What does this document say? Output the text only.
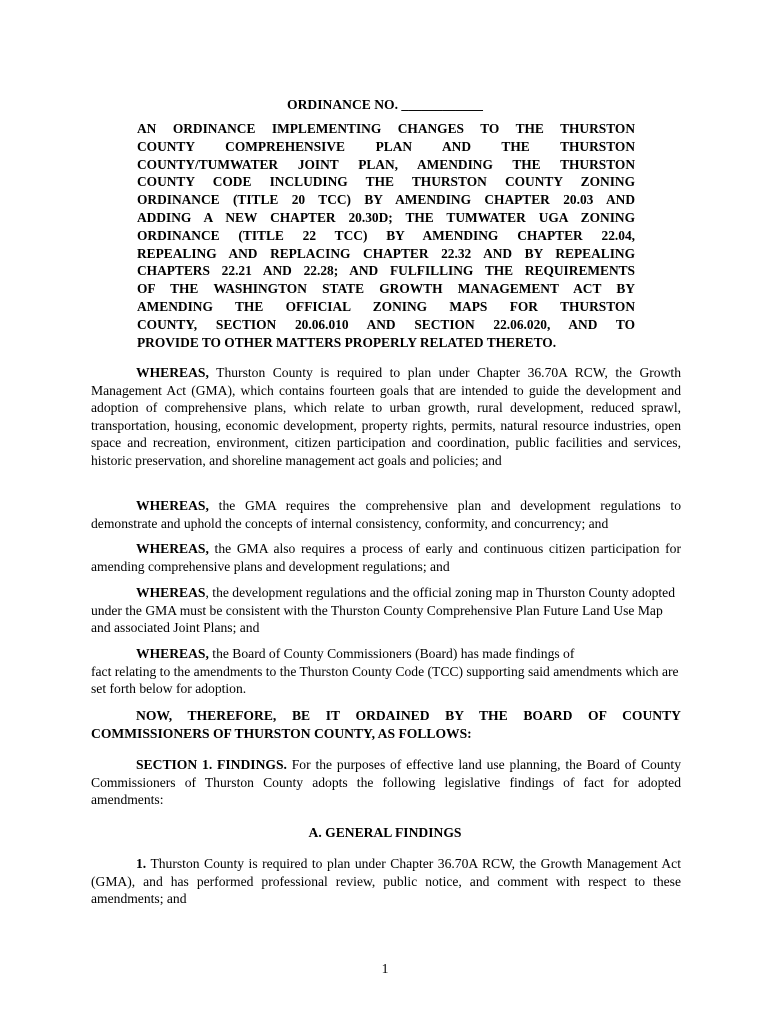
ORDINANCE NO. ____________
AN ORDINANCE IMPLEMENTING CHANGES TO THE THURSTON
COUNTY COMPREHENSIVE PLAN AND THE THURSTON
COUNTY/TUMWATER JOINT PLAN, AMENDING THE THURSTON
COUNTY CODE INCLUDING THE THURSTON COUNTY ZONING
ORDINANCE (TITLE 20 TCC) BY AMENDING CHAPTER 20.03 AND
ADDING A NEW CHAPTER 20.30D; THE TUMWATER UGA ZONING
ORDINANCE (TITLE 22 TCC) BY AMENDING CHAPTER 22.04,
REPEALING AND REPLACING CHAPTER 22.32 AND BY REPEALING
CHAPTERS 22.21 AND 22.28; AND FULFILLING THE REQUIREMENTS
OF THE WASHINGTON STATE GROWTH MANAGEMENT ACT BY
AMENDING THE OFFICIAL ZONING MAPS FOR THURSTON
COUNTY, SECTION 20.06.010 AND SECTION 22.06.020, AND TO
PROVIDE TO OTHER MATTERS PROPERLY RELATED THERETO.

WHEREAS, Thurston County is required to plan under Chapter 36.70A RCW, the Growth Management Act (GMA), which contains fourteen goals that are intended to guide the development and adoption of comprehensive plans, which relate to urban growth, rural development, reduced sprawl, transportation, housing, economic development, property rights, permits, natural resource industries, open space and recreation, environment, citizen participation and coordination, public facilities and services, historic preservation, and shoreline management act goals and policies; and

WHEREAS, the GMA requires the comprehensive plan and development regulations to demonstrate and uphold the concepts of internal consistency, conformity, and concurrency; and

WHEREAS, the GMA also requires a process of early and continuous citizen participation for amending comprehensive plans and development regulations; and

WHEREAS, the development regulations and the official zoning map in Thurston County adopted under the GMA must be consistent with the Thurston County Comprehensive Plan Future Land Use Map and associated Joint Plans; and

WHEREAS, the Board of County Commissioners (Board) has made findings of

fact relating to the amendments to the Thurston County Code (TCC) supporting said amendments which are set forth below for adoption.

NOW, THEREFORE, BE IT ORDAINED BY THE BOARD OF COUNTY COMMISSIONERS OF THURSTON COUNTY, AS FOLLOWS:

SECTION 1. FINDINGS. For the purposes of effective land use planning, the Board of County Commissioners of Thurston County adopts the following legislative findings of fact for adopted amendments:

A. GENERAL FINDINGS

1. Thurston County is required to plan under Chapter 36.70A RCW, the Growth Management Act (GMA), and has performed professional review, public notice, and comment with respect to these amendments; and

1
